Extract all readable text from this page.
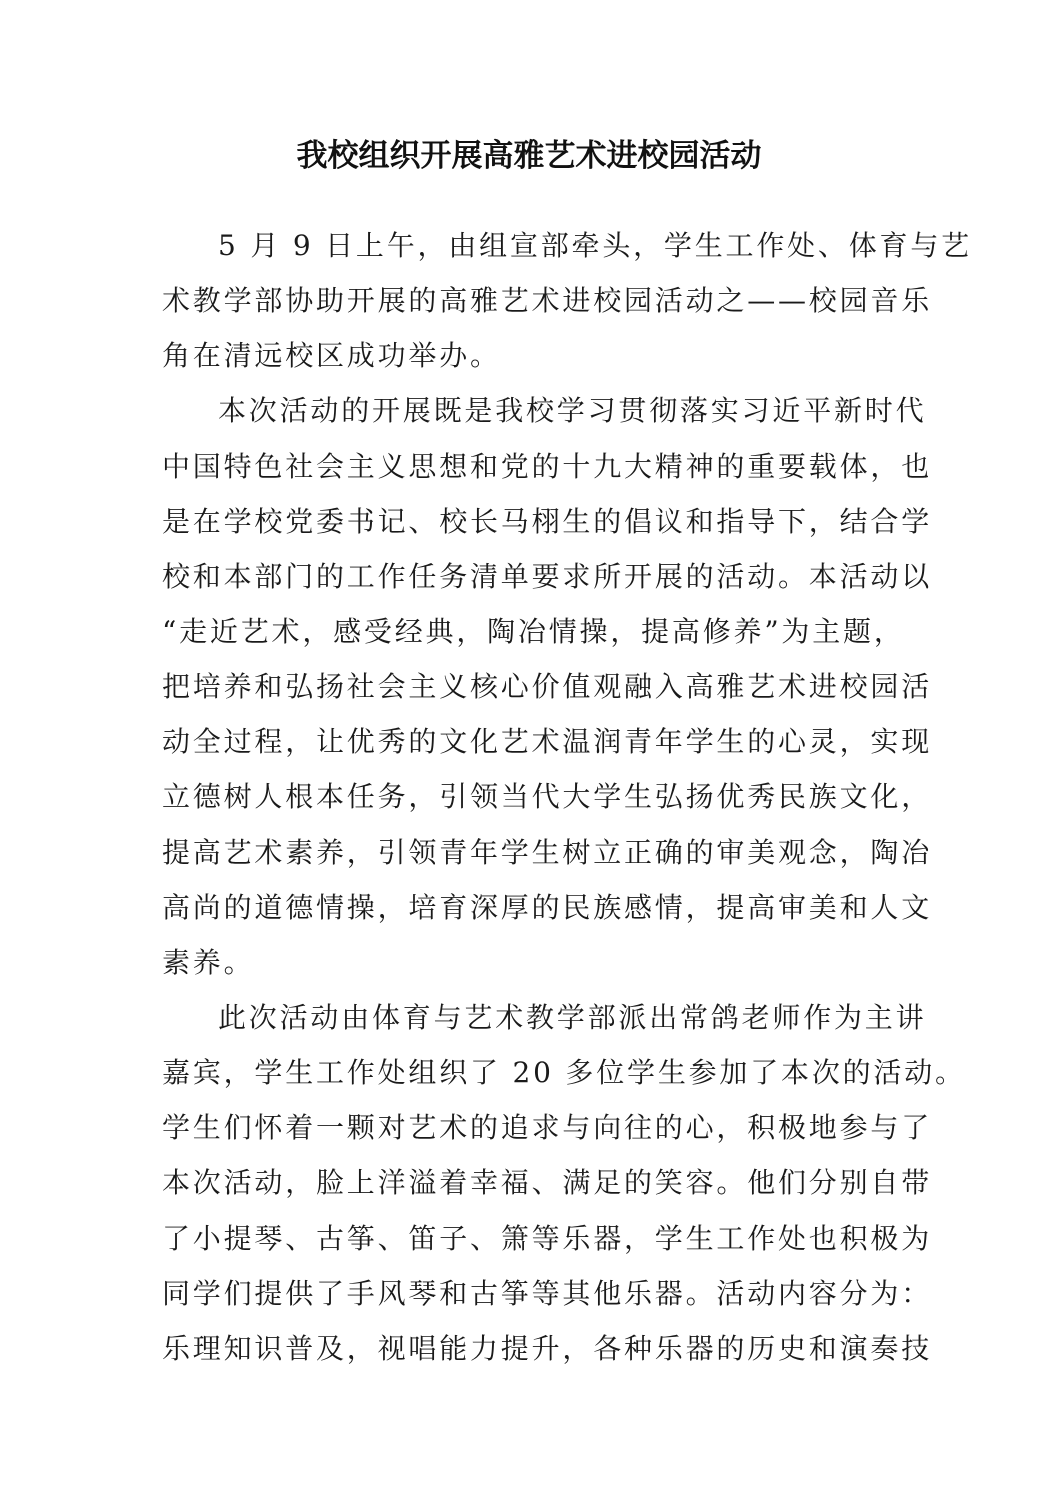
我校组织开展高雅艺术进校园活动
5 月 9 日上午，由组宣部牵头，学生工作处、体育与艺
术教学部协助开展的高雅艺术进校园活动之——校园音乐
角在清远校区成功举办。
本次活动的开展既是我校学习贯彻落实习近平新时代
中国特色社会主义思想和党的十九大精神的重要载体，也
是在学校党委书记、校长马栩生的倡议和指导下，结合学
校和本部门的工作任务清单要求所开展的活动。本活动以
“走近艺术，感受经典，陶冶情操，提高修养”为主题，
把培养和弘扬社会主义核心价值观融入高雅艺术进校园活
动全过程，让优秀的文化艺术温润青年学生的心灵，实现
立德树人根本任务，引领当代大学生弘扬优秀民族文化，
提高艺术素养，引领青年学生树立正确的审美观念，陶冶
高尚的道德情操，培育深厚的民族感情，提高审美和人文
素养。
此次活动由体育与艺术教学部派出常鸽老师作为主讲
嘉宾，学生工作处组织了 20 多位学生参加了本次的活动。
学生们怀着一颗对艺术的追求与向往的心，积极地参与了
本次活动，脸上洋溢着幸福、满足的笑容。他们分别自带
了小提琴、古筝、笛子、箫等乐器，学生工作处也积极为
同学们提供了手风琴和古筝等其他乐器。活动内容分为：
乐理知识普及，视唱能力提升，各种乐器的历史和演奏技
